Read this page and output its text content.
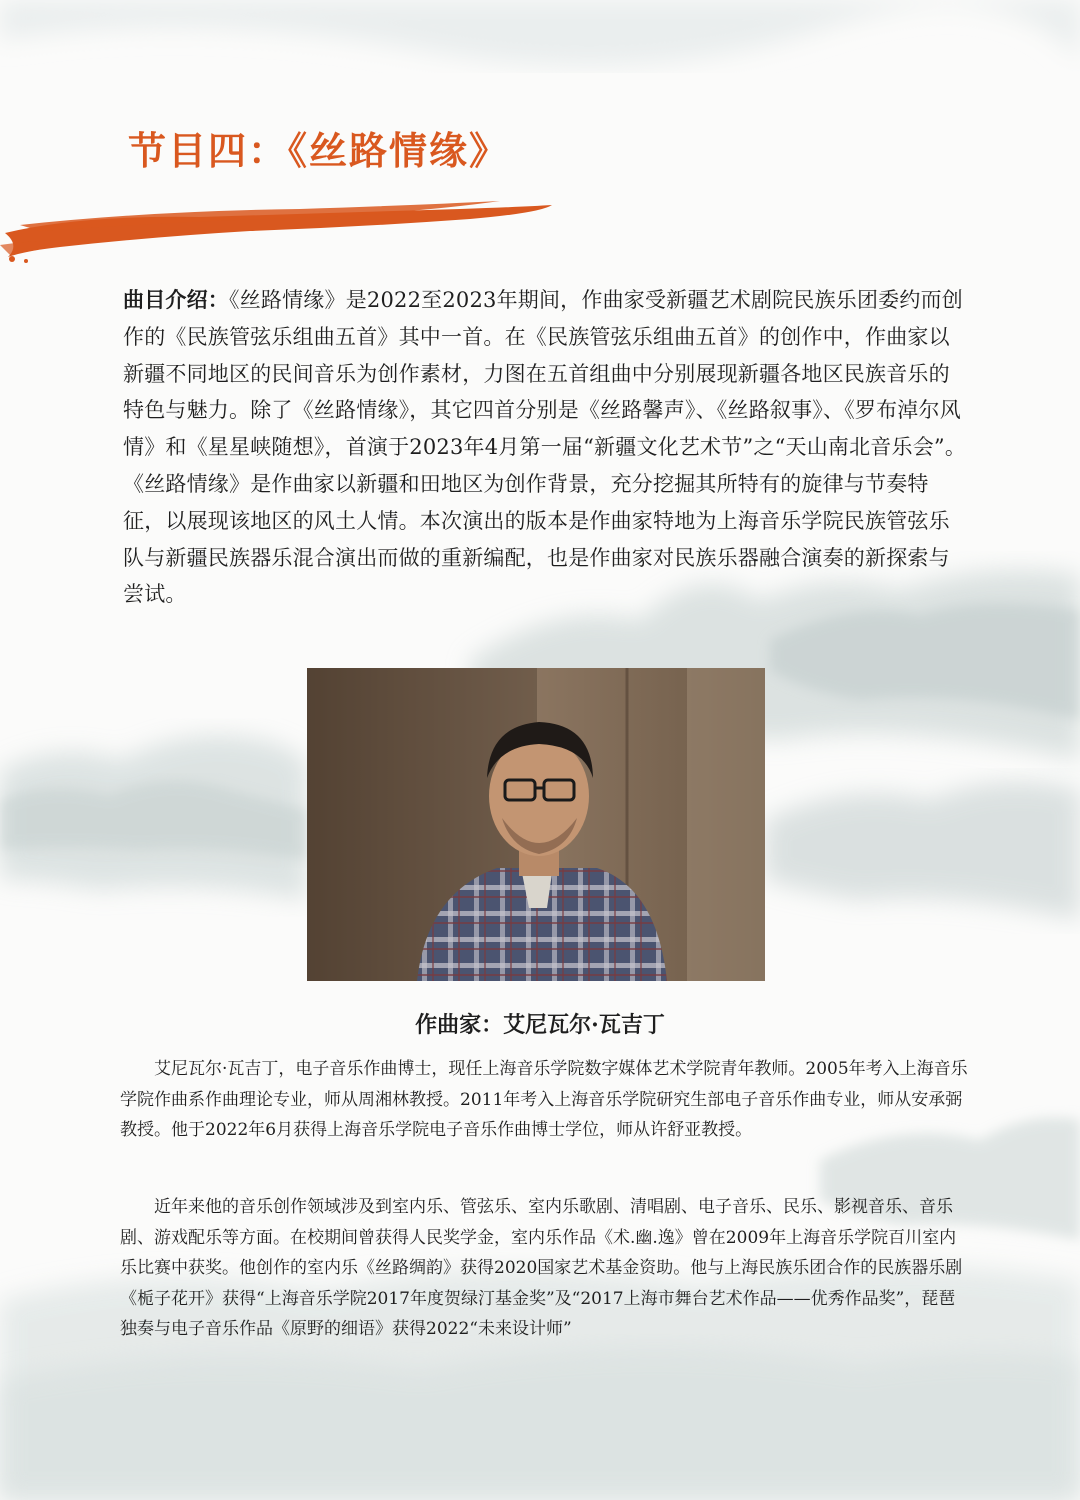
节目四：《丝路情缘》

曲目介绍：《丝路情缘》是2022至2023年期间，作曲家受新疆艺术剧院民族乐团委约而创作的《民族管弦乐组曲五首》其中一首。在《民族管弦乐组曲五首》的创作中，作曲家以新疆不同地区的民间音乐为创作素材，力图在五首组曲中分别展现新疆各地区民族音乐的特色与魅力。除了《丝路情缘》，其它四首分别是《丝路馨声》、《丝路叙事》、《罗布淖尔风情》和《星星峡随想》，首演于2023年4月第一届“新疆文化艺术节”之“天山南北音乐会”。《丝路情缘》是作曲家以新疆和田地区为创作背景，充分挖掘其所特有的旋律与节奏特征，以展现该地区的风土人情。本次演出的版本是作曲家特地为上海音乐学院民族管弦乐队与新疆民族器乐混合演出而做的重新编配，也是作曲家对民族乐器融合演奏的新探索与尝试。

作曲家：艾尼瓦尔·瓦吉丁

艾尼瓦尔·瓦吉丁，电子音乐作曲博士，现任上海音乐学院数字媒体艺术学院青年教师。2005年考入上海音乐学院作曲系作曲理论专业，师从周湘林教授。2011年考入上海音乐学院研究生部电子音乐作曲专业，师从安承弼教授。他于2022年6月获得上海音乐学院电子音乐作曲博士学位，师从许舒亚教授。

近年来他的音乐创作领域涉及到室内乐、管弦乐、室内乐歌剧、清唱剧、电子音乐、民乐、影视音乐、音乐剧、游戏配乐等方面。在校期间曾获得人民奖学金，室内乐作品《术.幽.逸》曾在2009年上海音乐学院百川室内乐比赛中获奖。他创作的室内乐《丝路绸韵》获得2020国家艺术基金资助。他与上海民族乐团合作的民族器乐剧《栀子花开》获得“上海音乐学院2017年度贺绿汀基金奖”及“2017上海市舞台艺术作品——优秀作品奖”，琵琶独奏与电子音乐作品《原野的细语》获得2022“未来设计师”
